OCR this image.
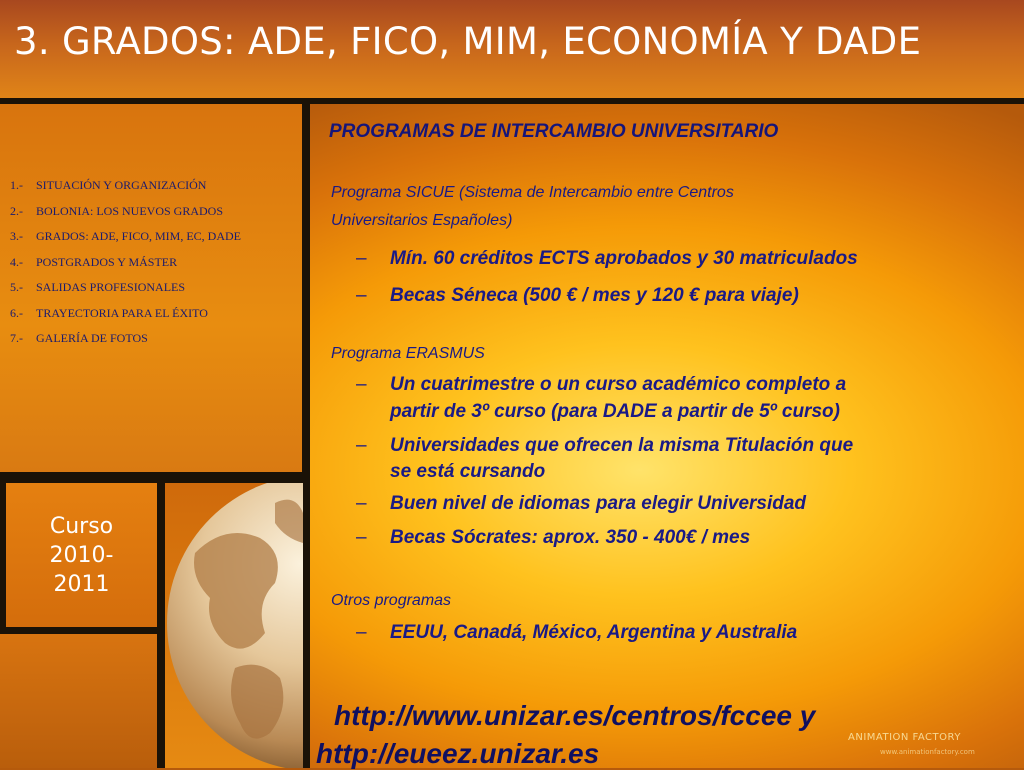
3. GRADOS: ADE, FICO, MIM, ECONOMÍA Y DADE
1.- SITUACIÓN Y ORGANIZACIÓN
2.- BOLONIA: LOS NUEVOS GRADOS
3.- GRADOS: ADE, FICO, MIM, EC, DADE
4.- POSTGRADOS Y MÁSTER
5.- SALIDAS PROFESIONALES
6.- TRAYECTORIA PARA EL ÉXITO
7.- GALERÍA DE FOTOS
Curso
2010-
2011

PROGRAMAS DE INTERCAMBIO UNIVERSITARIO

Programa SICUE (Sistema de Intercambio entre Centros

Universitarios Españoles)

– Mín. 60 créditos ECTS aprobados y 30 matriculados

– Becas Séneca (500 € / mes y 120 € para viaje)

Programa ERASMUS

– Un cuatrimestre o un curso académico completo a

partir de 3º curso (para DADE a partir de 5º curso)

– Universidades que ofrecen la misma Titulación que

se está cursando

– Buen nivel de idiomas para elegir Universidad

– Becas Sócrates: aprox. 350 - 400€ / mes

Otros programas

– EEUU, Canadá, México, Argentina y Australia

http://www.unizar.es/centros/fccee y

http://eueez.unizar.es

ANIMATION FACTORY
www.animationfactory.com
